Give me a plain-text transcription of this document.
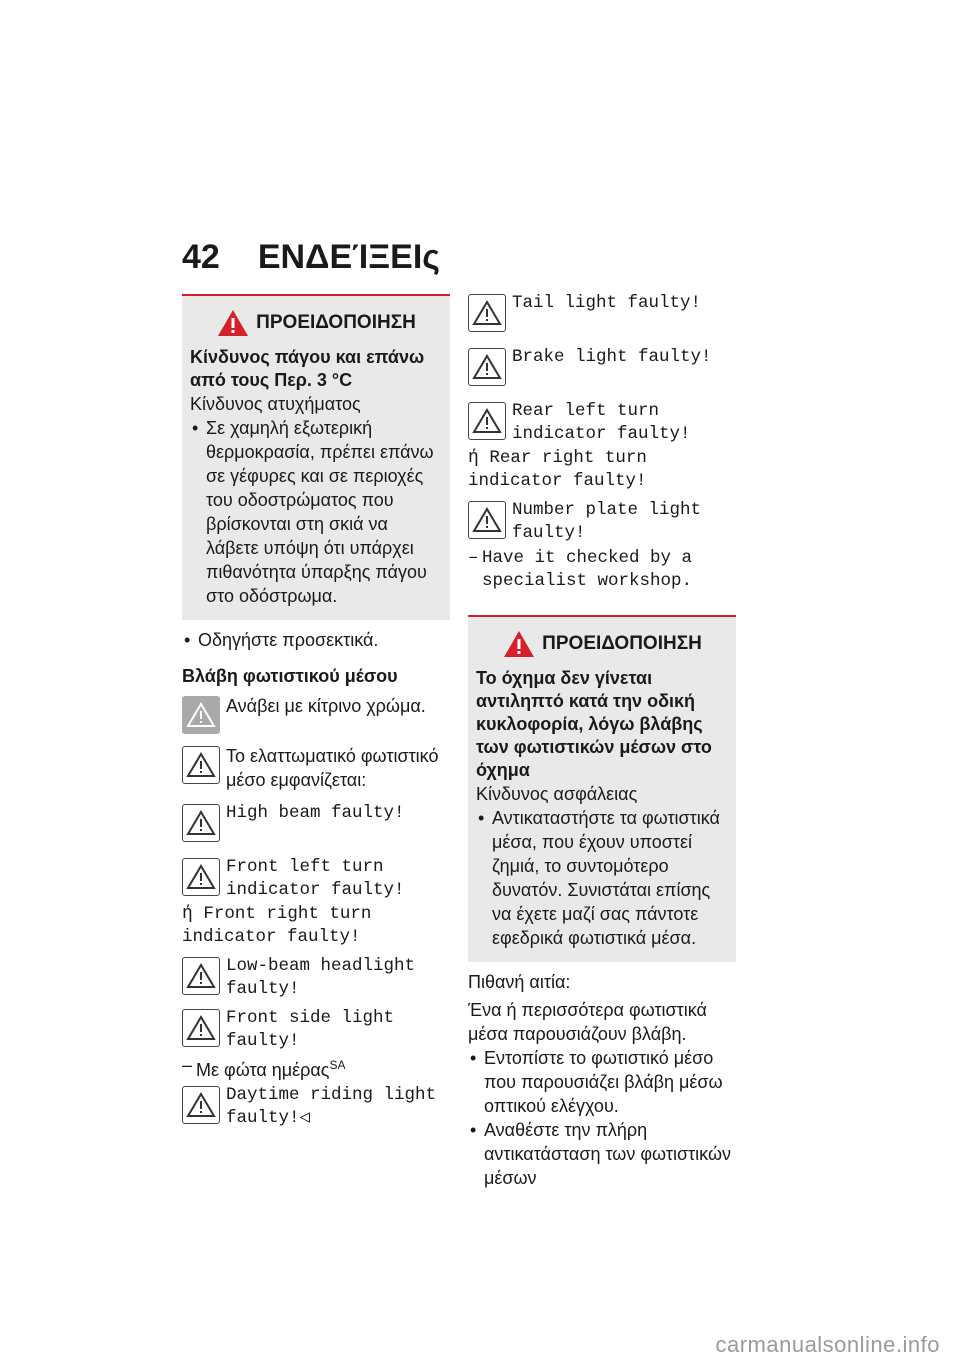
42 ΕΝΔΕΊΞΕΙς
ΠΡΟΕΙΔΟΠΟΙΗΣΗ
Κίνδυνος πάγου και επάνω από τους Περ. 3 °C
Κίνδυνος ατυχήματος
• Σε χαμηλή εξωτερική θερμοκρασία, πρέπει επάνω σε γέφυρες και σε περιοχές του οδοστρώματος που βρίσκονται στη σκιά να λάβετε υπόψη ότι υπάρχει πιθανότητα ύπαρξης πάγου στο οδόστρωμα.
• Οδηγήστε προσεκτικά.
Βλάβη φωτιστικού μέσου
Ανάβει με κίτρινο χρώμα.
Το ελαττωματικό φωτιστικό μέσο εμφανίζεται:
High beam faulty!
Front left turn indicator faulty!
ή Front right turn indicator faulty!
Low-beam headlight faulty!
Front side light faulty!
– Με φώτα ημέρας$^{SA}$
Daytime riding light faulty!◁
Tail light faulty!
Brake light faulty!
Rear left turn indicator faulty!
ή Rear right turn indicator faulty!
Number plate light faulty!
– Have it checked by a specialist workshop.
ΠΡΟΕΙΔΟΠΟΙΗΣΗ
Το όχημα δεν γίνεται αντιληπτό κατά την οδική κυκλοφορία, λόγω βλάβης των φωτιστικών μέσων στο όχημα
Κίνδυνος ασφάλειας
• Αντικαταστήστε τα φωτιστικά μέσα, που έχουν υποστεί ζημιά, το συντομότερο δυνατόν. Συνιστάται επίσης να έχετε μαζί σας πάντοτε εφεδρικά φωτιστικά μέσα.
Πιθανή αιτία:
Ένα ή περισσότερα φωτιστικά μέσα παρουσιάζουν βλάβη.
• Εντοπίστε το φωτιστικό μέσο που παρουσιάζει βλάβη μέσω οπτικού ελέγχου.
• Αναθέστε την πλήρη αντικατάσταση των φωτιστικών μέσων
carmanualsonline.info
